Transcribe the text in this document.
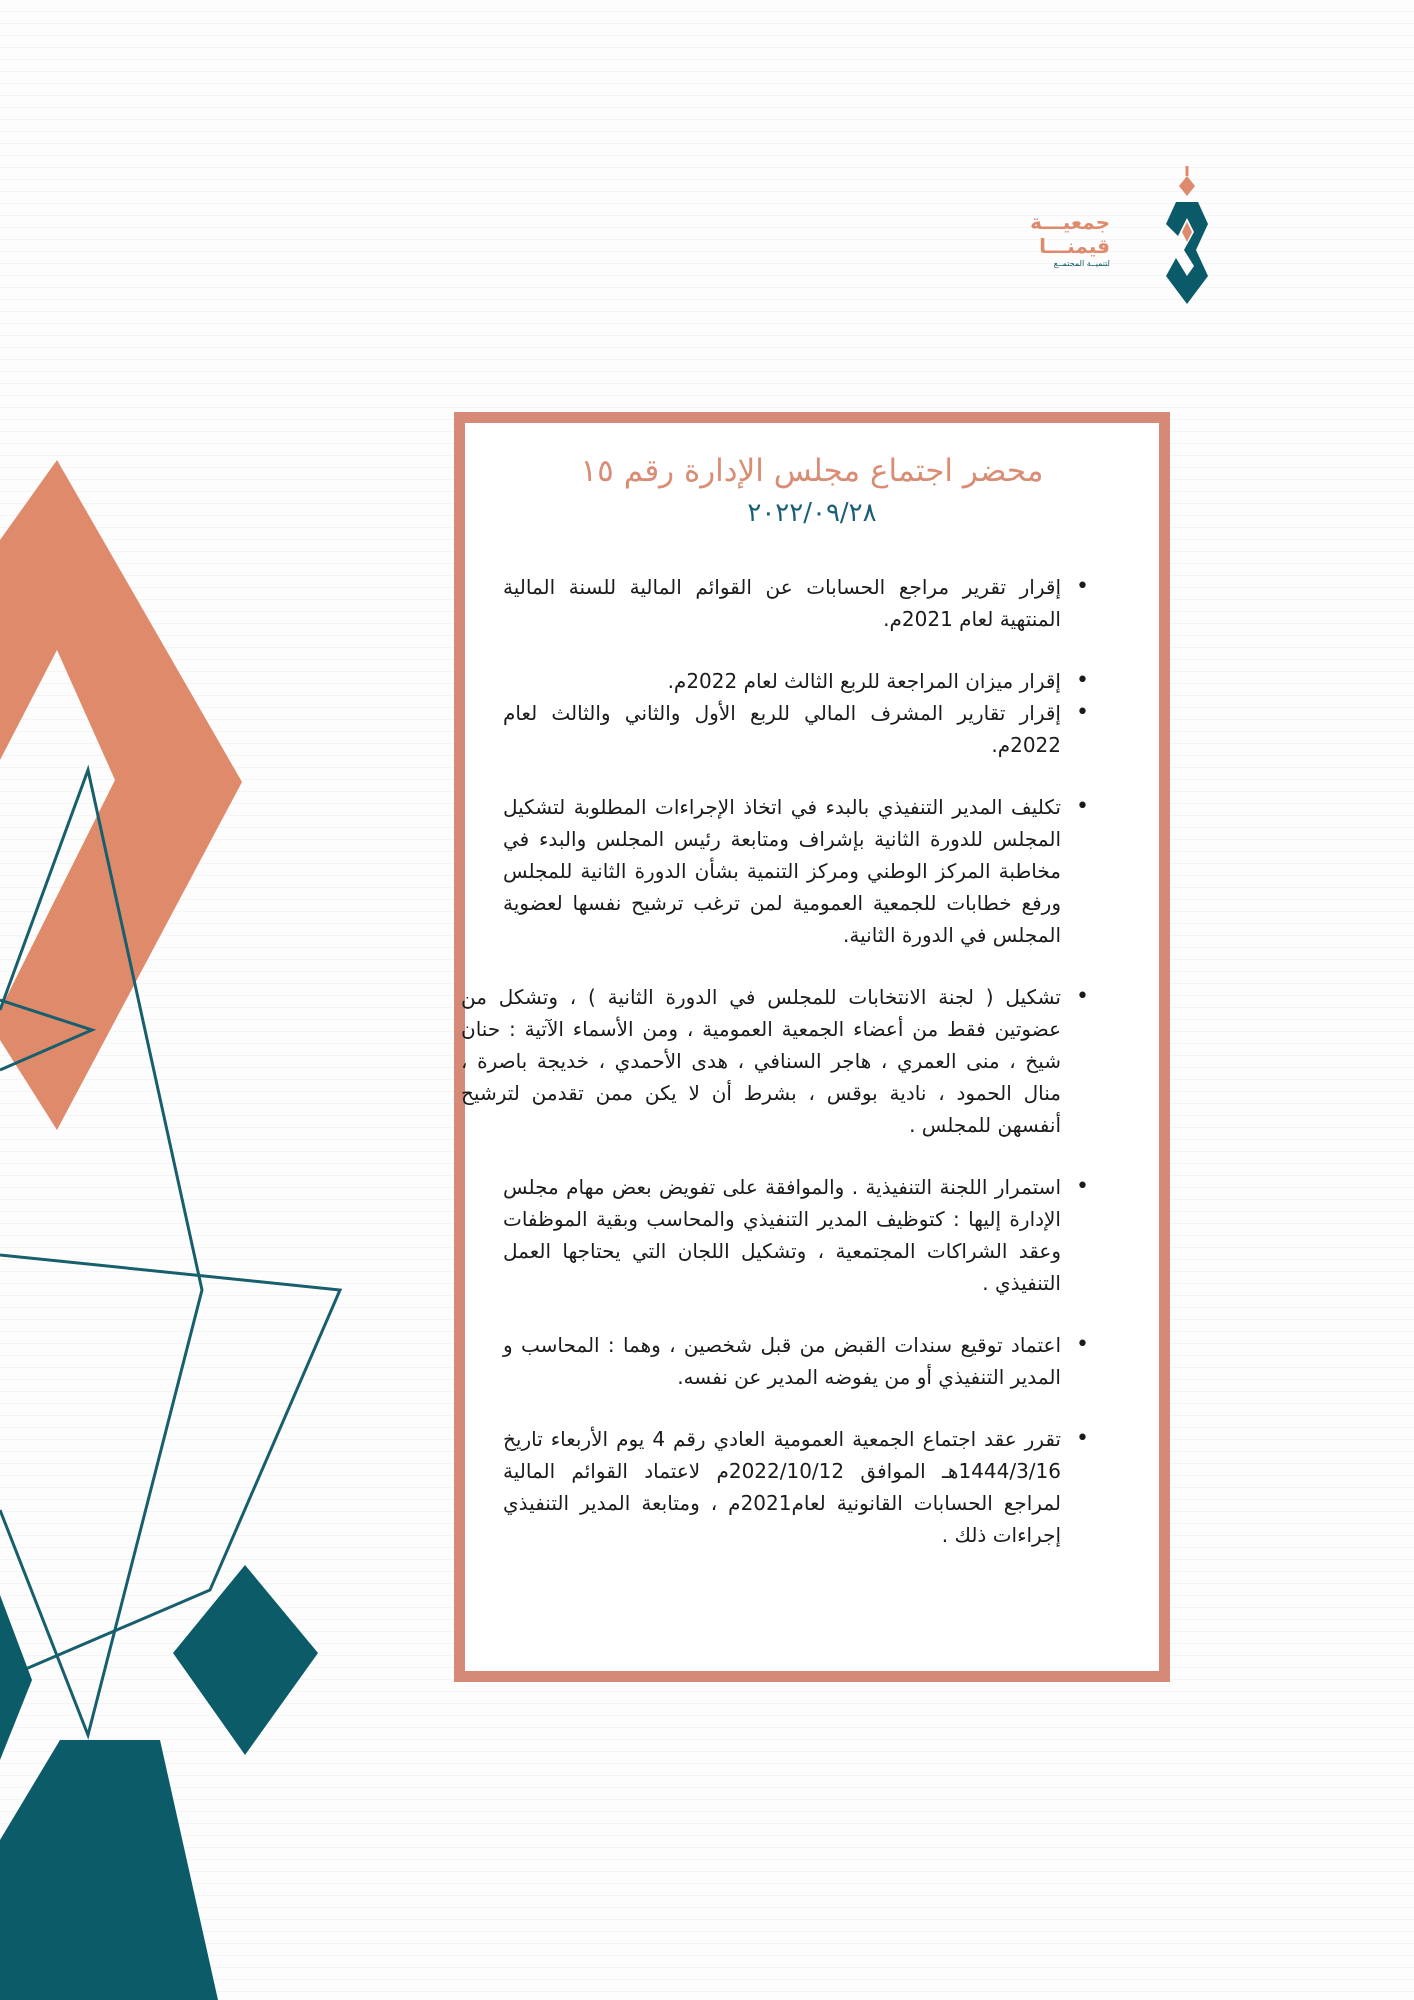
جمعيـــة
قيمنـــا
لتنميــة المجتمــع
محضر اجتماع مجلس الإدارة رقم ١٥
٢٠٢٢/٠٩/٢٨
• إقرار تقرير مراجع الحسابات عن القوائم المالية للسنة المالية المنتهية لعام 2021م.
• إقرار ميزان المراجعة للربع الثالث لعام 2022م.
• إقرار تقارير المشرف المالي للربع الأول والثاني والثالث لعام 2022م.
• تكليف المدير التنفيذي بالبدء في اتخاذ الإجراءات المطلوبة لتشكيل المجلس للدورة الثانية بإشراف ومتابعة رئيس المجلس والبدء في مخاطبة المركز الوطني ومركز التنمية بشأن الدورة الثانية للمجلس ورفع خطابات للجمعية العمومية لمن ترغب ترشيح نفسها لعضوية المجلس في الدورة الثانية.
• تشكيل ( لجنة الانتخابات للمجلس في الدورة الثانية ) ، وتشكل من عضوتين فقط من أعضاء الجمعية العمومية ، ومن الأسماء الآتية : حنان شيخ ، منى العمري ، هاجر السنافي ، هدى الأحمدي ، خديجة باصرة ، منال الحمود ، نادية بوقس ، بشرط أن لا يكن ممن تقدمن لترشيح أنفسهن للمجلس .
• استمرار اللجنة التنفيذية . والموافقة على تفويض بعض مهام مجلس الإدارة إليها : كتوظيف المدير التنفيذي والمحاسب وبقية الموظفات وعقد الشراكات المجتمعية ، وتشكيل اللجان التي يحتاجها العمل التنفيذي .
• اعتماد توقيع سندات القبض من قبل شخصين ، وهما : المحاسب و المدير التنفيذي أو من يفوضه المدير عن نفسه.
• تقرر عقد اجتماع الجمعية العمومية العادي رقم 4 يوم الأربعاء تاريخ 1444/3/16هـ الموافق 2022/10/12م لاعتماد القوائم المالية لمراجع الحسابات القانونية لعام2021م ، ومتابعة المدير التنفيذي إجراءات ذلك .
